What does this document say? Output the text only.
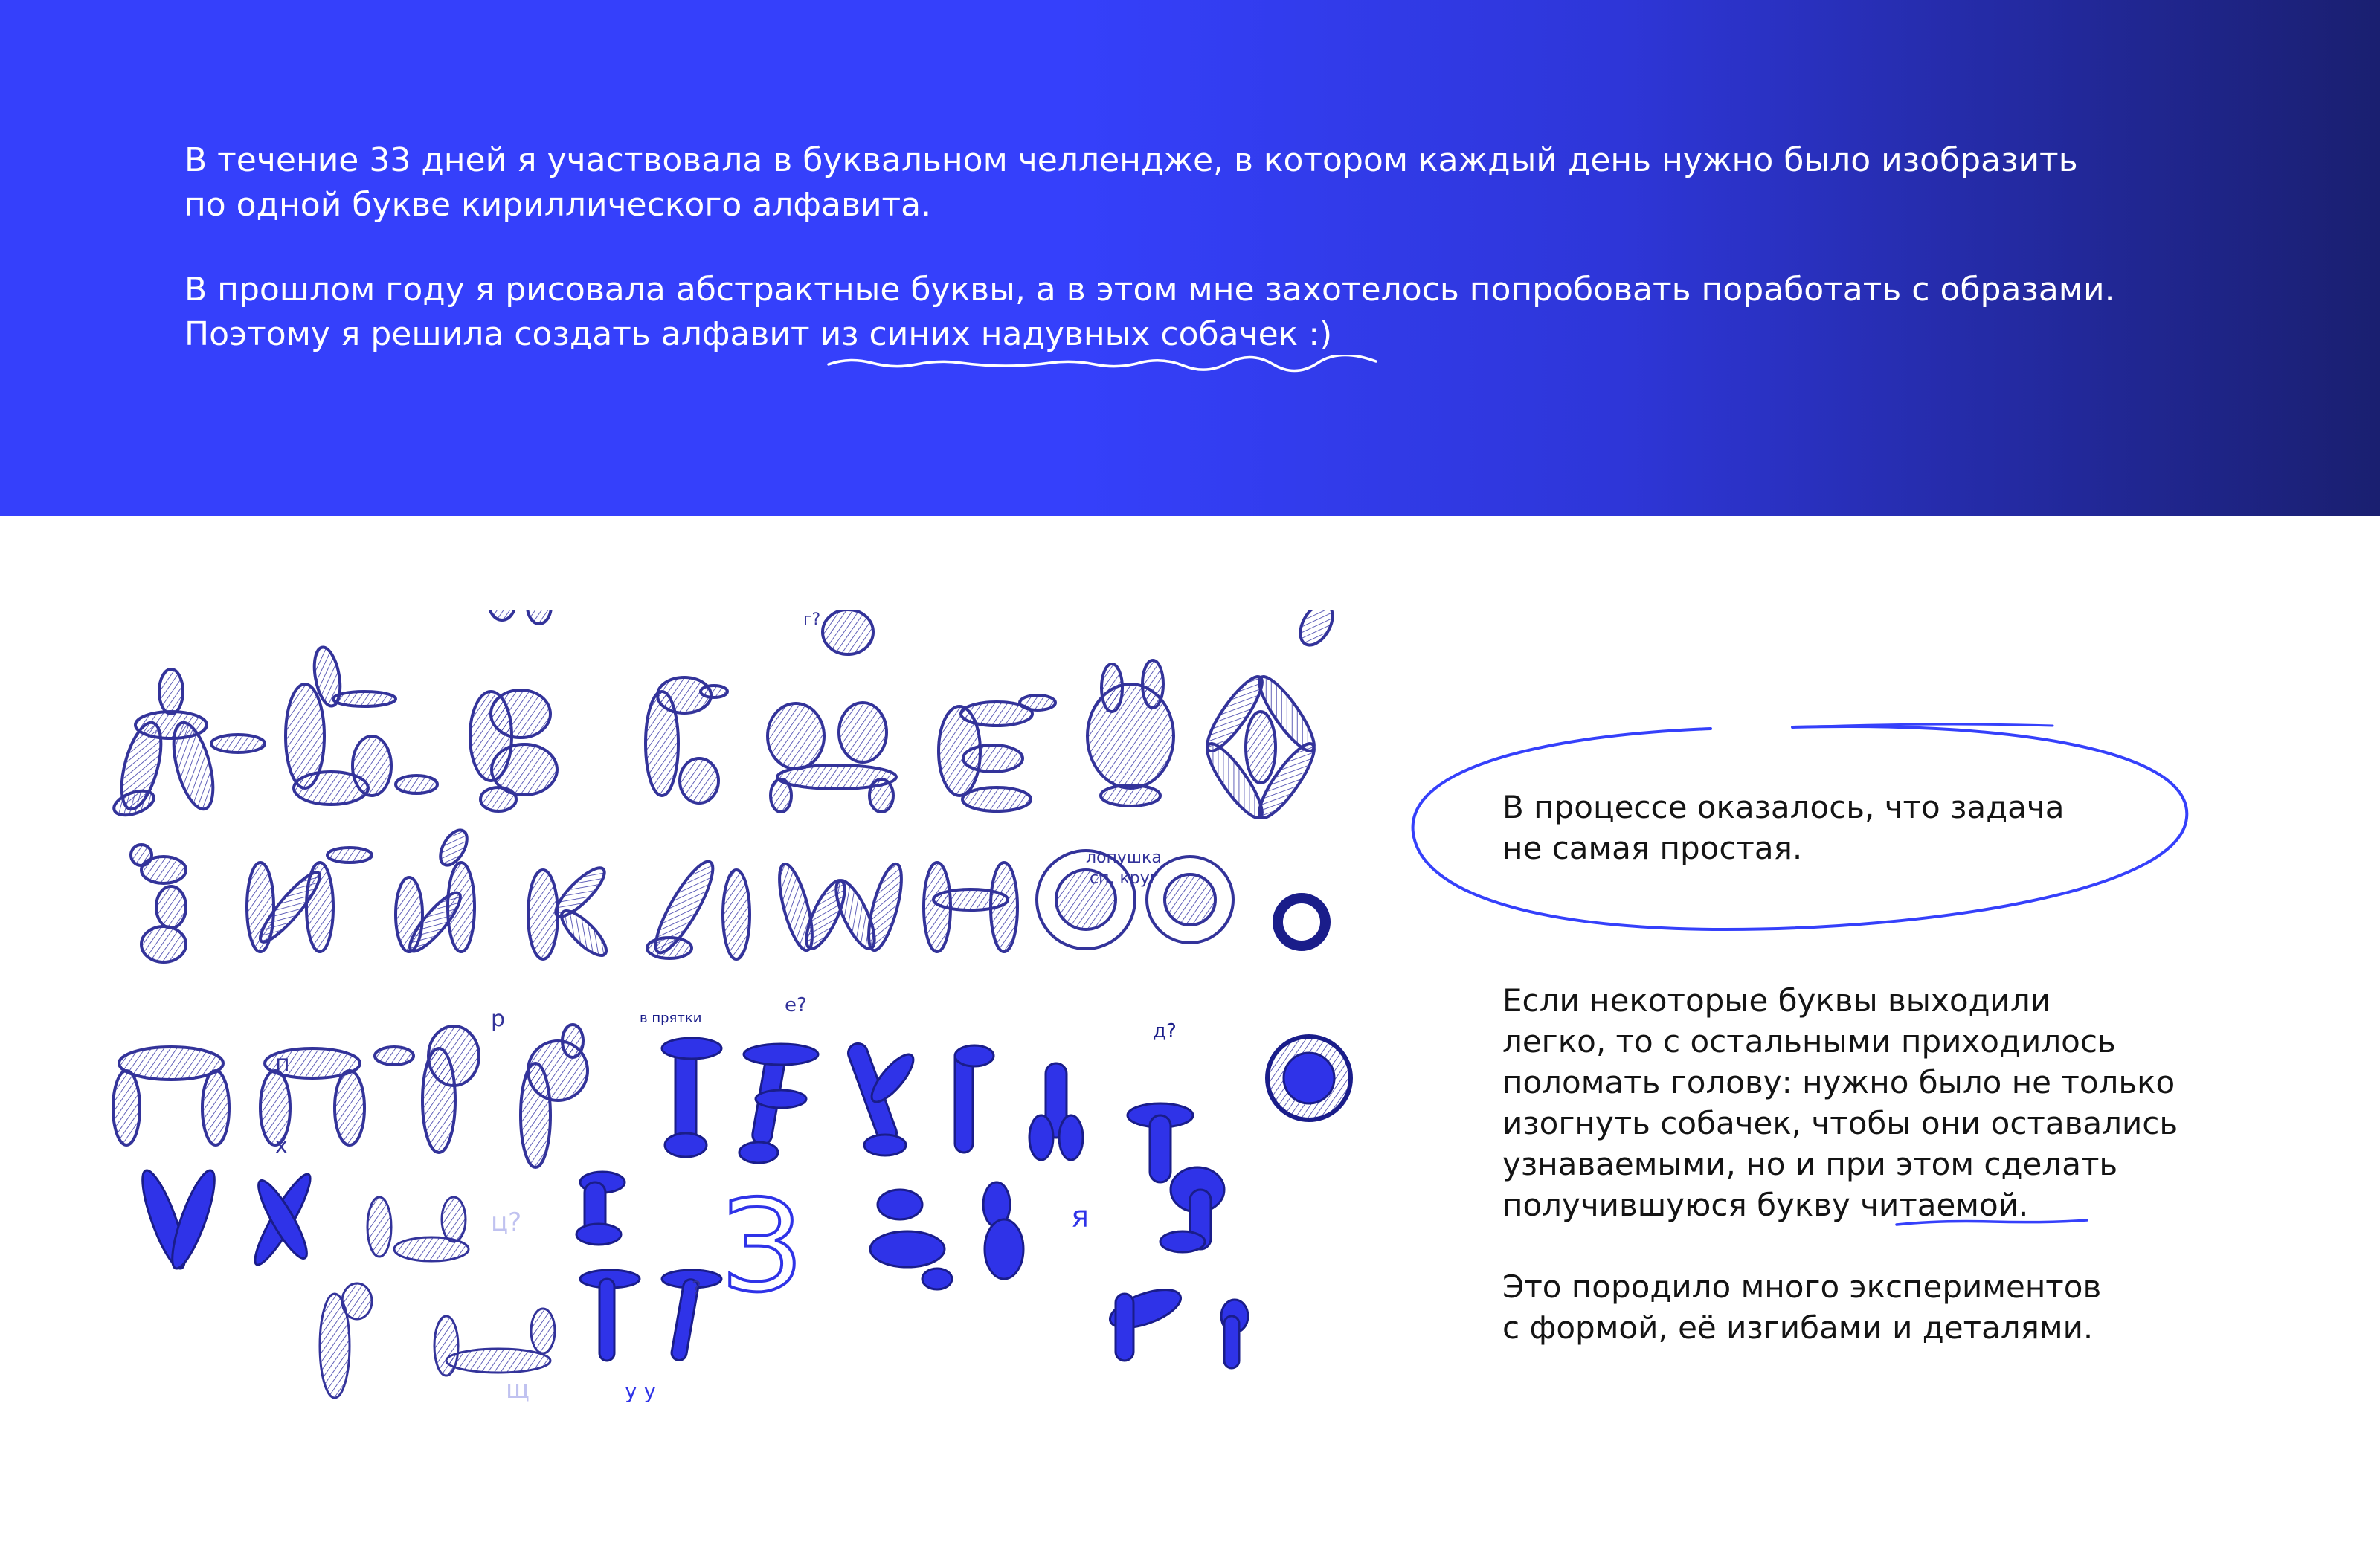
В течение 33 дней я участвовала в буквальном челлендже, в котором каждый день нужно было изобразить
по одной букве кириллического алфавита.

В прошлом году я рисовала абстрактные буквы, а в этом мне захотелось попробовать поработать с образами.
Поэтому я решила создать алфавит из синих надувных собачек :)

лопушка
сп. круг
п
р	в прятки
е?
д?
х
ц? З	я
щ	у у
?
г?

В процессе оказалось, что задача

не самая простая.

Если некоторые буквы выходили

легко, то с остальными приходилось

поломать голову: нужно было не только

изогнуть собачек, чтобы они оставались

узнаваемыми, но и при этом сделать

получившуюся букву читаемой.

Это породило много экспериментов

с формой, её изгибами и деталями.
